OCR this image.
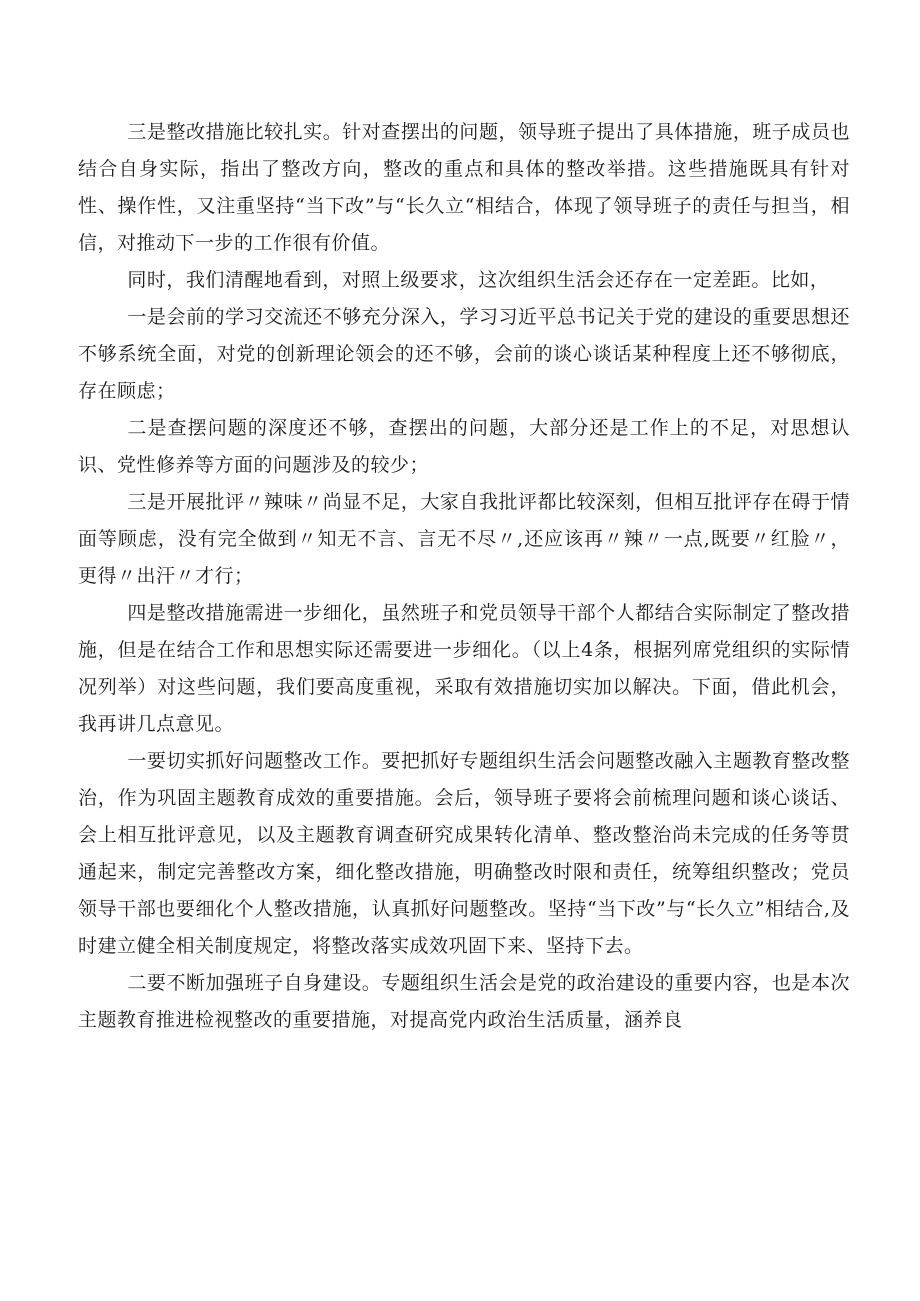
三是整改措施比较扎实。针对查摆出的问题，领导班子提出了具体措施，班子成员也结合自身实际，指出了整改方向，整改的重点和具体的整改举措。这些措施既具有针对性、操作性，又注重坚持“当下改”与“长久立“相结合，体现了领导班子的责任与担当，相信，对推动下一步的工作很有价值。

同时，我们清醒地看到，对照上级要求，这次组织生活会还存在一定差距。比如，

一是会前的学习交流还不够充分深入，学习习近平总书记关于党的建设的重要思想还不够系统全面，对党的创新理论领会的还不够，会前的谈心谈话某种程度上还不够彻底，存在顾虑；

二是查摆问题的深度还不够，查摆出的问题，大部分还是工作上的不足，对思想认识、党性修养等方面的问题涉及的较少；

三是开展批评〃辣味〃尚显不足，大家自我批评都比较深刻，但相互批评存在碍于情面等顾虑，没有完全做到〃知无不言、言无不尽〃,还应该再〃辣〃一点,既要〃红脸〃，更得〃出汗〃才行；

四是整改措施需进一步细化，虽然班子和党员领导干部个人都结合实际制定了整改措施，但是在结合工作和思想实际还需要进一步细化。（以上4条，根据列席党组织的实际情况列举）对这些问题，我们要高度重视，采取有效措施切实加以解决。下面，借此机会，我再讲几点意见。

一要切实抓好问题整改工作。要把抓好专题组织生活会问题整改融入主题教育整改整治，作为巩固主题教育成效的重要措施。会后，领导班子要将会前梳理问题和谈心谈话、会上相互批评意见，以及主题教育调查研究成果转化清单、整改整治尚未完成的任务等贯通起来，制定完善整改方案，细化整改措施，明确整改时限和责任，统筹组织整改；党员领导干部也要细化个人整改措施，认真抓好问题整改。坚持“当下改”与“长久立”相结合,及时建立健全相关制度规定，将整改落实成效巩固下来、坚持下去。

二要不断加强班子自身建设。专题组织生活会是党的政治建设的重要内容，也是本次主题教育推进检视整改的重要措施，对提高党内政治生活质量，涵养良
